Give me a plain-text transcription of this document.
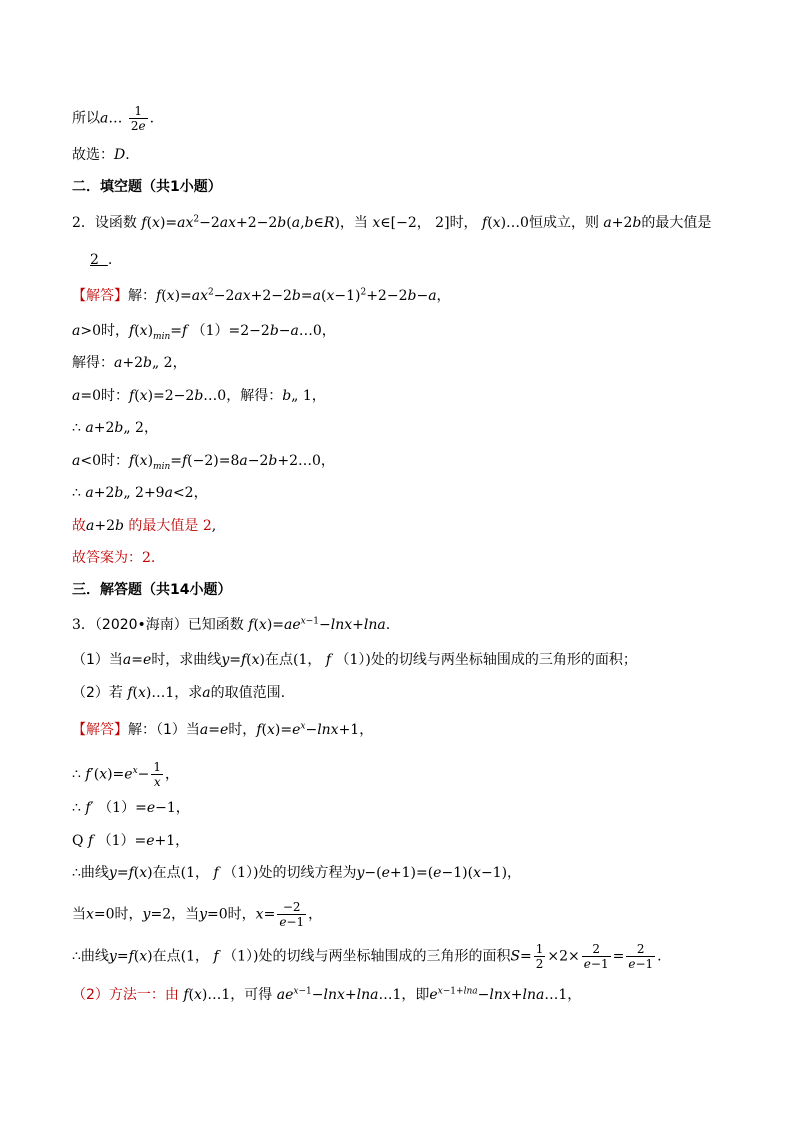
所以a… $\frac{1}{2e}$ .
故选：D.
二．填空题（共1小题）
2．设函数 $f(x)=ax^2-2ax+2-2b(a,b\in R)$，当 x∈[−2， 2]时， f(x)…0恒成立，则 a+2b的最大值是
2 .
【解答】解：$f(x)=ax^2-2ax+2-2b=a(x-1)^2+2-2b-a$，
a>0时，$f(x)_{min}=f$ （1）=2−2b−a…0，
解得：a+2b„ 2，
a=0时：f(x)=2−2b…0，解得：b„ 1，
∴ a+2b„ 2，
a<0时：$f(x)_{min}=f(-2)=8a-2b+2\dots 0$，
∴ a+2b„ 2+9a<2，
故a+2b 的最大值是 2,
故答案为：2.
三．解答题（共14小题）
3．（2020•海南）已知函数 $f(x)=ae^{x-1}-\ln x+\ln a$.
（1）当a=e时，求曲线y=f(x)在点(1， f （1）)处的切线与两坐标轴围成的三角形的面积；
（2）若 f(x)…1，求a的取值范围.
【解答】解：（1）当a=e时，$f(x)=e^x-\ln x+1$，
∴ $f'(x)=e^x- \frac{1}{x}$ ，
∴ f′ （1）=e−1，
Q f （1）=e+1，
∴曲线y=f(x)在点(1， f （1）)处的切线方程为y−(e+1)=(e−1)(x−1)，
当x=0时，y=2，当y=0时，$x= \frac{-2}{e-1}$ ，
∴曲线y=f(x)在点(1， f （1）)处的切线与两坐标轴围成的三角形的面积$S= \frac{1}{2} \times 2\times \frac{2}{e-1} = \frac{2}{e-1}$ .
（2）方法一：由 f(x)…1，可得 $ae^{x-1}-\ln x+\ln a\dots 1$，即$e^{x-1+lna}-\ln x+\ln a\dots 1$，
